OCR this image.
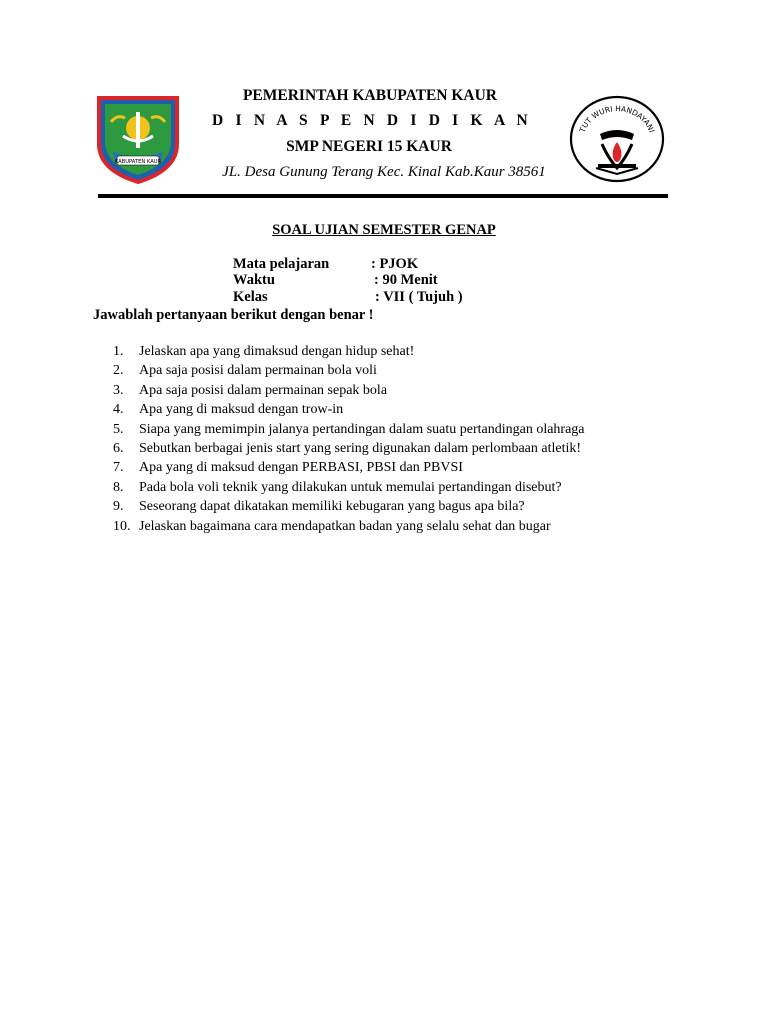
KABUPATEN KAUR
TUT WURI HANDAYANI
PEMERINTAH KABUPATEN KAUR
D I N A S P E N D I D I K A N
SMP NEGERI 15 KAUR
JL. Desa Gunung Terang Kec. Kinal Kab.Kaur 38561
SOAL UJIAN SEMESTER GENAP
Mata pelajaran	: PJOK
Waktu	: 90 Menit
Kelas	: VII ( Tujuh )
Jawablah pertanyaan berikut dengan benar !
1.	Jelaskan apa yang dimaksud dengan hidup sehat!
2.	Apa saja posisi dalam permainan bola voli
3.	Apa saja posisi dalam permainan sepak bola
4.	Apa yang di maksud dengan trow-in
5.	Siapa yang memimpin jalanya pertandingan dalam suatu pertandingan olahraga
6.	Sebutkan berbagai jenis start yang sering digunakan dalam perlombaan atletik!
7.	Apa yang di maksud dengan PERBASI, PBSI dan PBVSI
8.	Pada bola voli teknik yang dilakukan untuk memulai pertandingan disebut?
9.	Seseorang dapat dikatakan memiliki kebugaran yang bagus apa bila?
10. Jelaskan bagaimana cara mendapatkan badan yang selalu sehat dan bugar
